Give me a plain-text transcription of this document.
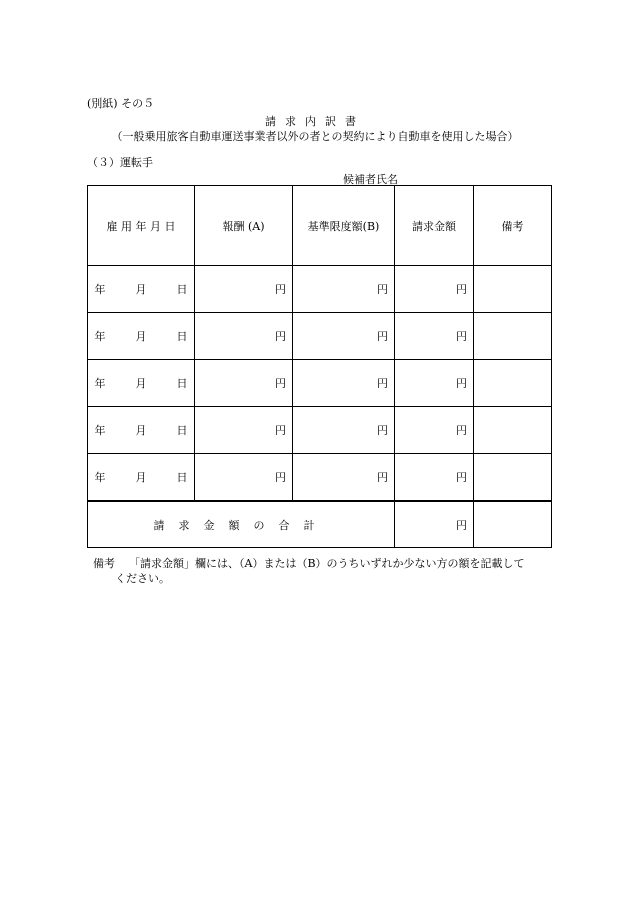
(別紙) その５
請求内訳書
（一般乗用旅客自動車運送事業者以外の者との契約により自動車を使用した場合）
（３）運転手
候補者氏名
雇 用 年 月 日	報酬 (A)	基準限度額(B)	請求金額	備考
年 月 日	円	円	円	
年 月 日	円	円	円	
年 月 日	円	円	円	
年 月 日	円	円	円	
年 月 日	円	円	円	
請求金額の合計			円	
備考 「請求金額」欄には、（A）または（B）のうちいずれか少ない方の額を記載して
ください。
